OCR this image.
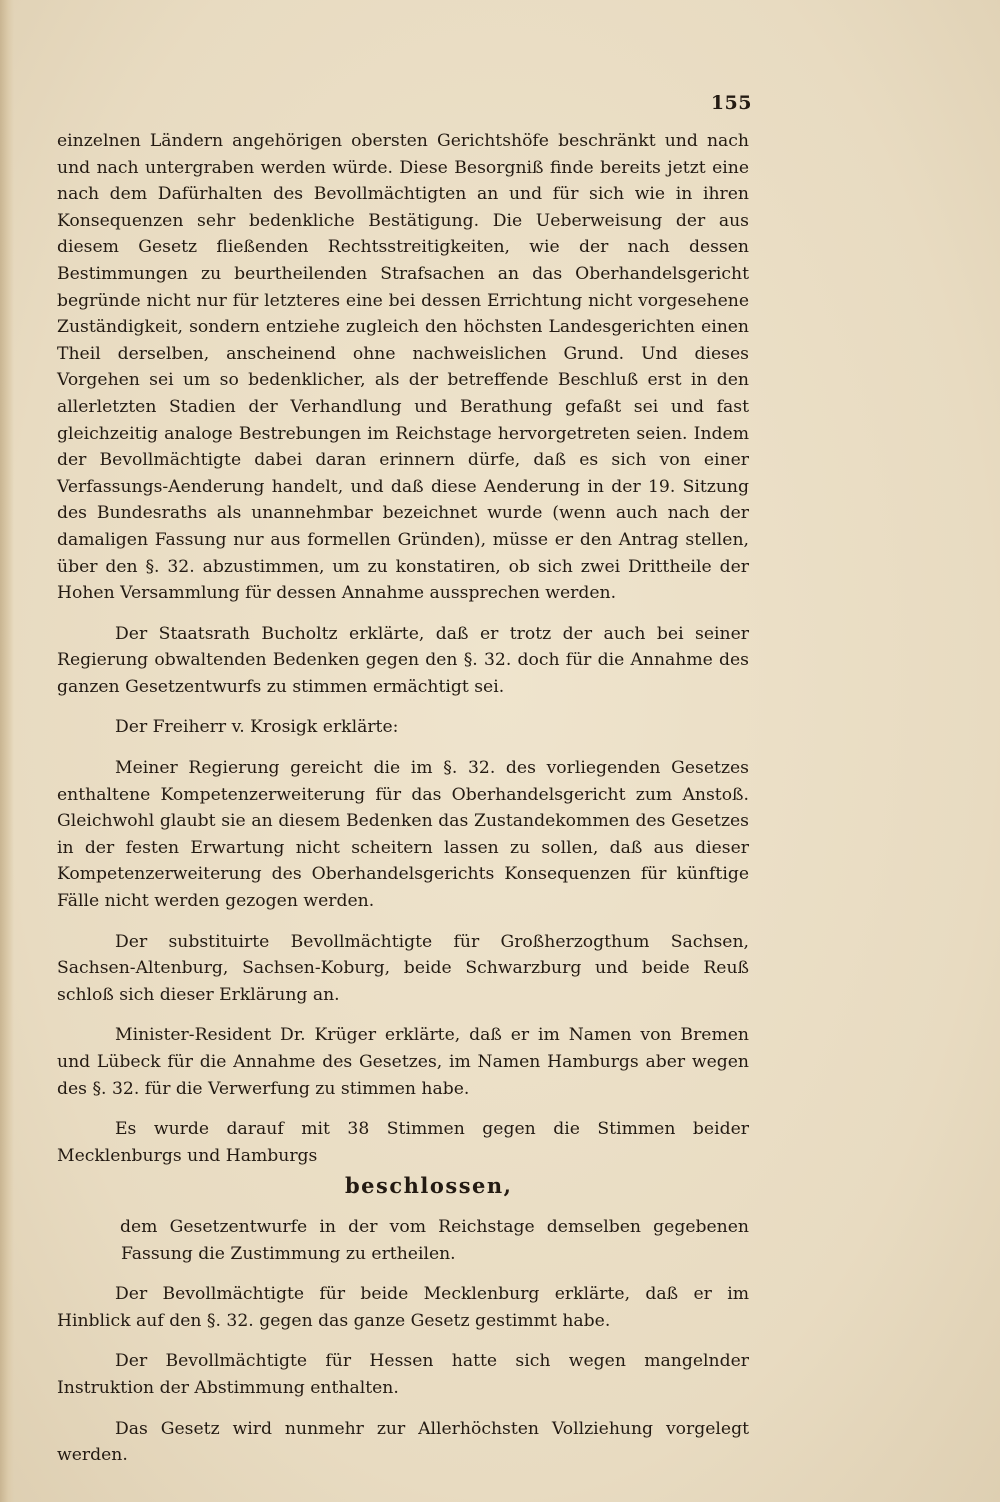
155

einzelnen Ländern angehörigen obersten Gerichtshöfe beschränkt und nach und nach untergraben werden würde. Diese Besorgniß finde bereits jetzt eine nach dem Dafürhalten des Bevollmächtigten an und für sich wie in ihren Konsequenzen sehr bedenkliche Bestätigung. Die Ueberweisung der aus diesem Gesetz fließenden Rechtsstreitigkeiten, wie der nach dessen Bestimmungen zu beurtheilenden Strafsachen an das Oberhandelsgericht begründe nicht nur für letzteres eine bei dessen Errichtung nicht vorgesehene Zuständigkeit, sondern entziehe zugleich den höchsten Landesgerichten einen Theil derselben, anscheinend ohne nachweislichen Grund. Und dieses Vorgehen sei um so bedenklicher, als der betreffende Beschluß erst in den allerletzten Stadien der Verhandlung und Berathung gefaßt sei und fast gleichzeitig analoge Bestrebungen im Reichstage hervorgetreten seien. Indem der Bevollmächtigte dabei daran erinnern dürfe, daß es sich von einer Verfassungs-Aenderung handelt, und daß diese Aenderung in der 19. Sitzung des Bundesraths als unannehmbar bezeichnet wurde (wenn auch nach der damaligen Fassung nur aus formellen Gründen), müsse er den Antrag stellen, über den §. 32. abzustimmen, um zu konstatiren, ob sich zwei Drittheile der Hohen Versammlung für dessen Annahme aussprechen werden.

Der Staatsrath Bucholtz erklärte, daß er trotz der auch bei seiner Regierung obwaltenden Bedenken gegen den §. 32. doch für die Annahme des ganzen Gesetzentwurfs zu stimmen ermächtigt sei.

Der Freiherr v. Krosigk erklärte:

Meiner Regierung gereicht die im §. 32. des vorliegenden Gesetzes enthaltene Kompetenzerweiterung für das Oberhandelsgericht zum Anstoß. Gleichwohl glaubt sie an diesem Bedenken das Zustandekommen des Gesetzes in der festen Erwartung nicht scheitern lassen zu sollen, daß aus dieser Kompetenzerweiterung des Oberhandelsgerichts Konsequenzen für künftige Fälle nicht werden gezogen werden.

Der substituirte Bevollmächtigte für Großherzogthum Sachsen, Sachsen-Altenburg, Sachsen-Koburg, beide Schwarzburg und beide Reuß schloß sich dieser Erklärung an.

Minister-Resident Dr. Krüger erklärte, daß er im Namen von Bremen und Lübeck für die Annahme des Gesetzes, im Namen Hamburgs aber wegen des §. 32. für die Verwerfung zu stimmen habe.

Es wurde darauf mit 38 Stimmen gegen die Stimmen beider Mecklenburgs und Hamburgs

beschlossen,

dem Gesetzentwurfe in der vom Reichstage demselben gegebenen Fassung die Zustimmung zu ertheilen.

Der Bevollmächtigte für beide Mecklenburg erklärte, daß er im Hinblick auf den §. 32. gegen das ganze Gesetz gestimmt habe.

Der Bevollmächtigte für Hessen hatte sich wegen mangelnder Instruktion der Abstimmung enthalten.

Das Gesetz wird nunmehr zur Allerhöchsten Vollziehung vorgelegt werden.
